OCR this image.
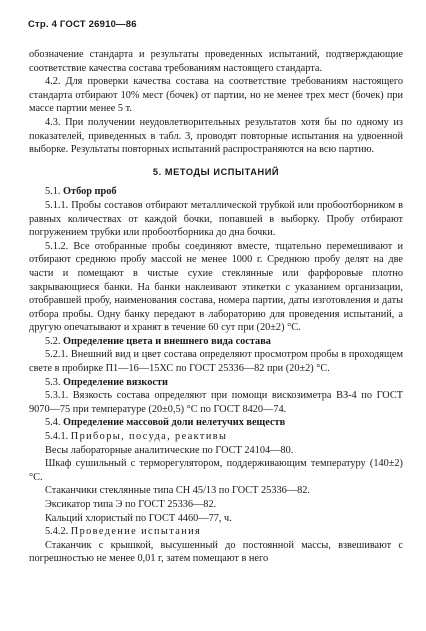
Стр. 4 ГОСТ 26910—86

обозначение стандарта и результаты проведенных испытаний, подтверждающие соответствие качества состава требованиям настоящего стандарта.

4.2. Для проверки качества состава на соответствие требованиям настоящего стандарта отбирают 10% мест (бочек) от партии, но не менее трех мест (бочек) при массе партии менее 5 т.

4.3. При получении неудовлетворительных результатов хотя бы по одному из показателей, приведенных в табл. 3, проводят повторные испытания на удвоенной выборке. Результаты повторных испытаний распространяются на всю партию.

5. МЕТОДЫ ИСПЫТАНИЙ

5.1. Отбор проб

5.1.1. Пробы составов отбирают металлической трубкой или пробоотборником в равных количествах от каждой бочки, попавшей в выборку. Пробу отбирают погружением трубки или пробоотборника до дна бочки.

5.1.2. Все отобранные пробы соединяют вместе, тщательно перемешивают и отбирают среднюю пробу массой не менее 1000 г. Среднюю пробу делят на две части и помещают в чистые сухие стеклянные или фарфоровые плотно закрывающиеся банки. На банки наклеивают этикетки с указанием организации, отобравшей пробу, наименования состава, номера партии, даты изготовления и даты отбора пробы. Одну банку передают в лабораторию для проведения испытаний, а другую опечатывают и хранят в течение 60 сут при (20±2) °С.

5.2. Определение цвета и внешнего вида состава

5.2.1. Внешний вид и цвет состава определяют просмотром пробы в проходящем свете в пробирке П1—16—15ХС по ГОСТ 25336—82 при (20±2) °С.

5.3. Определение вязкости

5.3.1. Вязкость состава определяют при помощи вискозиметра ВЗ-4 по ГОСТ 9070—75 при температуре (20±0,5) °С по ГОСТ 8420—74.

5.4. Определение массовой доли нелетучих веществ

5.4.1. Приборы, посуда, реактивы

Весы лабораторные аналитические по ГОСТ 24104—80.

Шкаф сушильный с терморегулятором, поддерживающим температуру (140±2) °С.

Стаканчики стеклянные типа СН 45/13 по ГОСТ 25336—82.

Эксикатор типа Э по ГОСТ 25336—82.

Кальций хлористый по ГОСТ 4460—77, ч.

5.4.2. Проведение испытания

Стаканчик с крышкой, высушенный до постоянной массы, взвешивают с погрешностью не менее 0,01 г, затем помещают в него
